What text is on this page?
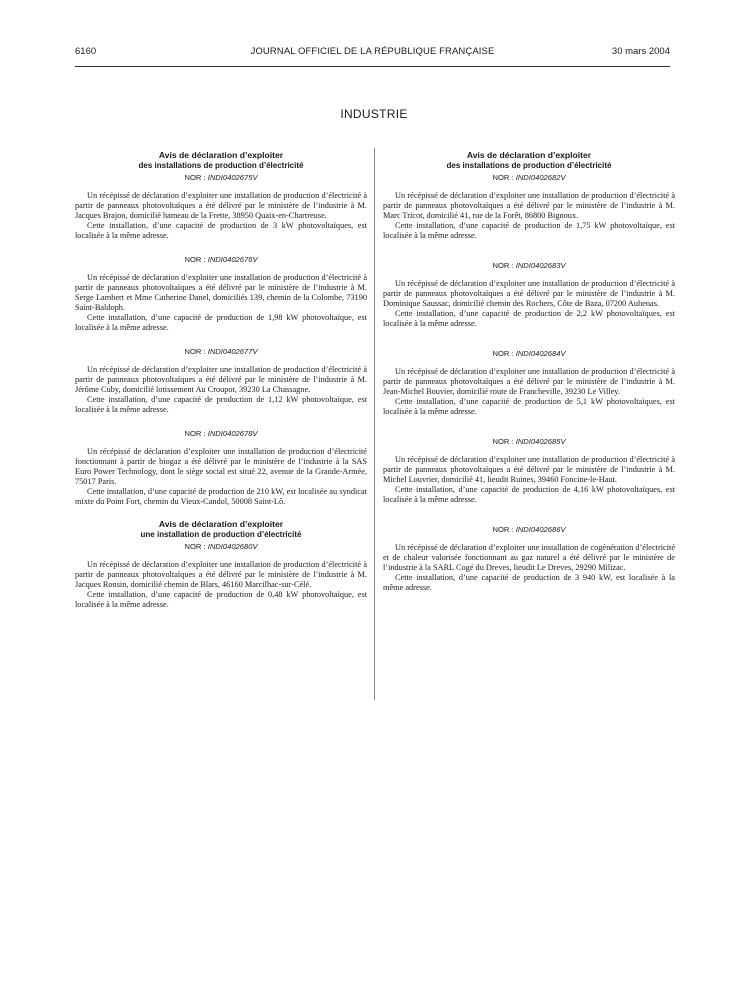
6160	JOURNAL OFFICIEL DE LA RÉPUBLIQUE FRANÇAISE	30 mars 2004
INDUSTRIE
Avis de déclaration d’exploiter
des installations de production d’électricité
NOR : INDI0402675V

Un récépissé de déclaration d’exploiter une installation de production d’électricité à partir de panneaux photovoltaïques a été délivré par le ministère de l’industrie à M. Jacques Brajon, domicilié hameau de la Frette, 38950 Quaix-en-Chartreuse.

Cette installation, d’une capacité de production de 3 kW photovoltaïques, est localisée à la même adresse.

NOR : INDI0402676V

Un récépissé de déclaration d’exploiter une installation de production d’électricité à partir de panneaux photovoltaïques a été délivré par le ministère de l’industrie à M. Serge Lambert et Mme Catherine Danel, domiciliés 139, chemin de la Colombe, 73190 Saint-Baldoph.

Cette installation, d’une capacité de production de 1,98 kW photovoltaïque, est localisée à la même adresse.

NOR : INDI0402677V

Un récépissé de déclaration d’exploiter une installation de production d’électricité à partir de panneaux photovoltaïques a été délivré par le ministère de l’industrie à M. Jérôme Cuby, domicilié lotissement Au Croupot, 39230 La Chassagne.

Cette installation, d’une capacité de production de 1,12 kW photovoltaïque, est localisée à la même adresse.

NOR : INDI0402678V

Un récépissé de déclaration d’exploiter une installation de production d’électricité fonctionnant à partir de biogaz a été délivré par le ministère de l’industrie à la SAS Euro Power Technology, dont le siège social est situé 22, avenue de la Grande-Armée, 75017 Paris.

Cette installation, d’une capacité de production de 210 kW, est localisée au syndicat mixte du Point Fort, chemin du Vieux-Candol, 50008 Saint-Lô.

Avis de déclaration d’exploiter
une installation de production d’électricité
NOR : INDI0402680V

Un récépissé de déclaration d’exploiter une installation de production d’électricité à partir de panneaux photovoltaïques a été délivré par le ministère de l’industrie à M. Jacques Ronsin, domicilié chemin de Blars, 46160 Marcilhac-sur-Célé.

Cette installation, d’une capacité de production de 0,48 kW photovoltaïque, est localisée à la même adresse.

Avis de déclaration d’exploiter
des installations de production d’électricité
NOR : INDI0402682V

Un récépissé de déclaration d’exploiter une installation de production d’électricité à partir de panneaux photovoltaïques a été délivré par le ministère de l’industrie à M. Marc Tricot, domicilié 41, rue de la Forêt, 86800 Bignoux.

Cette installation, d’une capacité de production de 1,75 kW photovoltaïque, est localisée à la même adresse.

NOR : INDI0402683V

Un récépissé de déclaration d’exploiter une installation de production d’électricité à partir de panneaux photovoltaïques a été délivré par le ministère de l’industrie à M. Dominique Saussac, domicilié chemin des Rochers, Côte de Baza, 07200 Aubenas.

Cette installation, d’une capacité de production de 2,2 kW photovoltaïques, est localisée à la même adresse.

NOR : INDI0402684V

Un récépissé de déclaration d’exploiter une installation de production d’électricité à partir de panneaux photovoltaïques a été délivré par le ministère de l’industrie à M. Jean-Michel Bouvier, domicilié route de Francheville, 39230 Le Villey.

Cette installation, d’une capacité de production de 5,1 kW photovoltaïques, est localisée à la même adresse.

NOR : INDI0402685V

Un récépissé de déclaration d’exploiter une installation de production d’électricité à partir de panneaux photovoltaïques a été délivré par le ministère de l’industrie à M. Michel Louvrier, domicilié 41, lieudit Ruines, 39460 Foncine-le-Haut.

Cette installation, d’une capacité de production de 4,16 kW photovoltaïques, est localisée à la même adresse.

NOR : INDI0402686V

Un récépissé de déclaration d’exploiter une installation de cogénération d’électricité et de chaleur valorisée fonctionnant au gaz naturel a été délivré par le ministère de l’industrie à la SARL Cogé du Dreves, lieudit Le Dreves, 29290 Milizac.

Cette installation, d’une capacité de production de 3 940 kW, est localisée à la même adresse.
